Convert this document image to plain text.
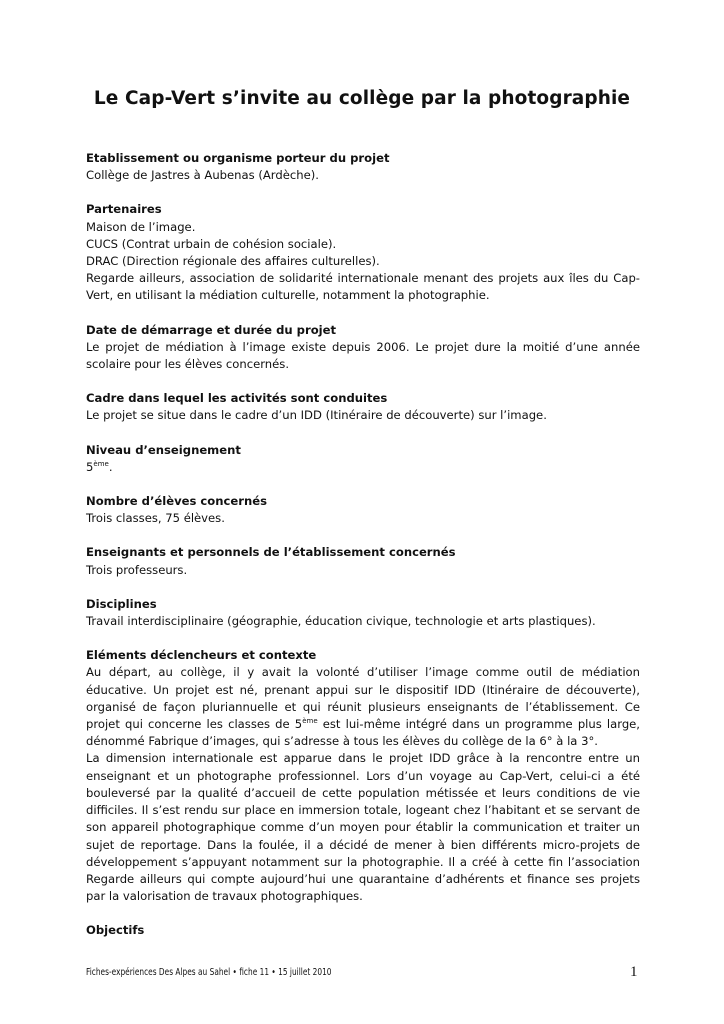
Le Cap-Vert s’invite au collège par la photographie

Etablissement ou organisme porteur du projet

Collège de Jastres à Aubenas (Ardèche).

Partenaires

Maison de l’image.

CUCS (Contrat urbain de cohésion sociale).

DRAC (Direction régionale des affaires culturelles).

Regarde ailleurs, association de solidarité internationale menant des projets aux îles du Cap-Vert, en utilisant la médiation culturelle, notamment la photographie.

Date de démarrage et durée du projet

Le projet de médiation à l’image existe depuis 2006. Le projet dure la moitié d’une année scolaire pour les élèves concernés.

Cadre dans lequel les activités sont conduites

Le projet se situe dans le cadre d’un IDD (Itinéraire de découverte) sur l’image.

Niveau d’enseignement

5ème.

Nombre d’élèves concernés

Trois classes, 75 élèves.

Enseignants et personnels de l’établissement concernés

Trois professeurs.

Disciplines

Travail interdisciplinaire (géographie, éducation civique, technologie et arts plastiques).

Eléments déclencheurs et contexte

Au départ, au collège, il y avait la volonté d’utiliser l’image comme outil de médiation éducative. Un projet est né, prenant appui sur le dispositif IDD (Itinéraire de découverte), organisé de façon pluriannuelle et qui réunit plusieurs enseignants de l’établissement. Ce projet qui concerne les classes de 5ème est lui-même intégré dans un programme plus large, dénommé Fabrique d’images, qui s’adresse à tous les élèves du collège de la 6° à la 3°.

La dimension internationale est apparue dans le projet IDD grâce à la rencontre entre un enseignant et un photographe professionnel. Lors d’un voyage au Cap-Vert, celui-ci a été bouleversé par la qualité d’accueil de cette population métissée et leurs conditions de vie difficiles. Il s’est rendu sur place en immersion totale, logeant chez l’habitant et se servant de son appareil photographique comme d’un moyen pour établir la communication et traiter un sujet de reportage. Dans la foulée, il a décidé de mener à bien différents micro-projets de développement s’appuyant notamment sur la photographie. Il a créé à cette fin l’association Regarde ailleurs qui compte aujourd’hui une quarantaine d’adhérents et finance ses projets par la valorisation de travaux photographiques.

Objectifs

Fiches-expériences Des Alpes au Sahel • fiche 11 • 15 juillet 2010	1
